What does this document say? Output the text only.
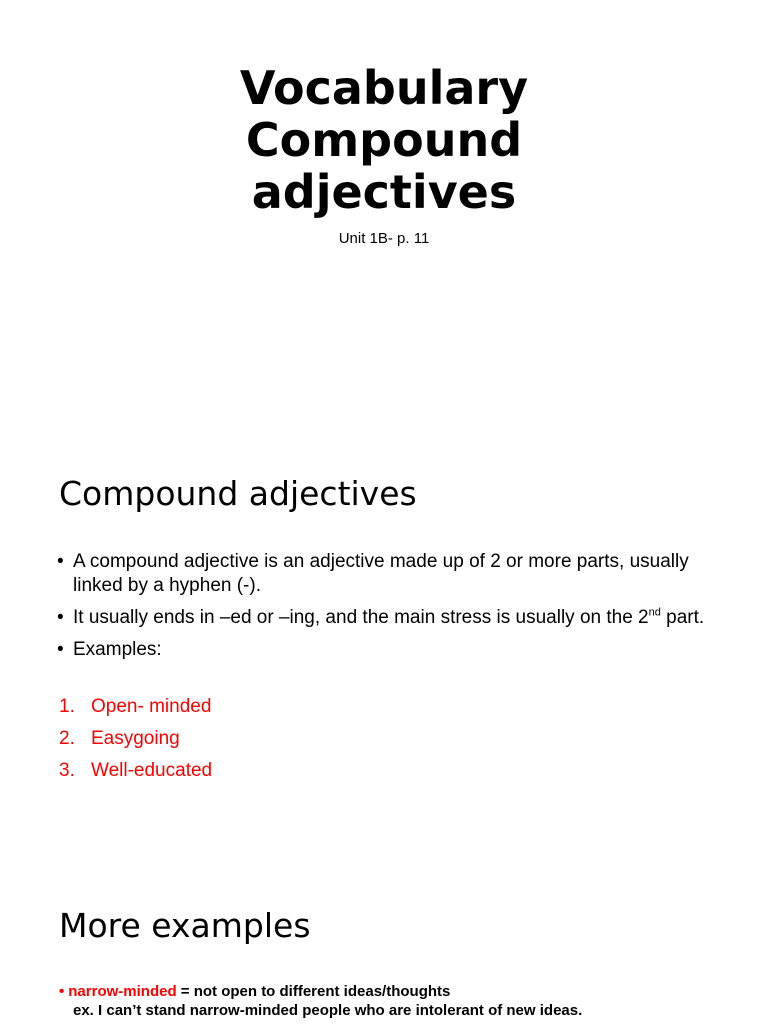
Vocabulary
Compound
adjectives

Unit 1B- p. 11

Compound adjectives
• A compound adjective is an adjective made up of 2 or more parts, usually linked by a hyphen (-).
• It usually ends in –ed or –ing, and the main stress is usually on the 2nd part.
• Examples:
1. Open- minded
2. Easygoing
3. Well-educated
More examples
• narrow-minded = not open to different ideas/thoughts
ex. I can’t stand narrow-minded people who are intolerant of new ideas.
